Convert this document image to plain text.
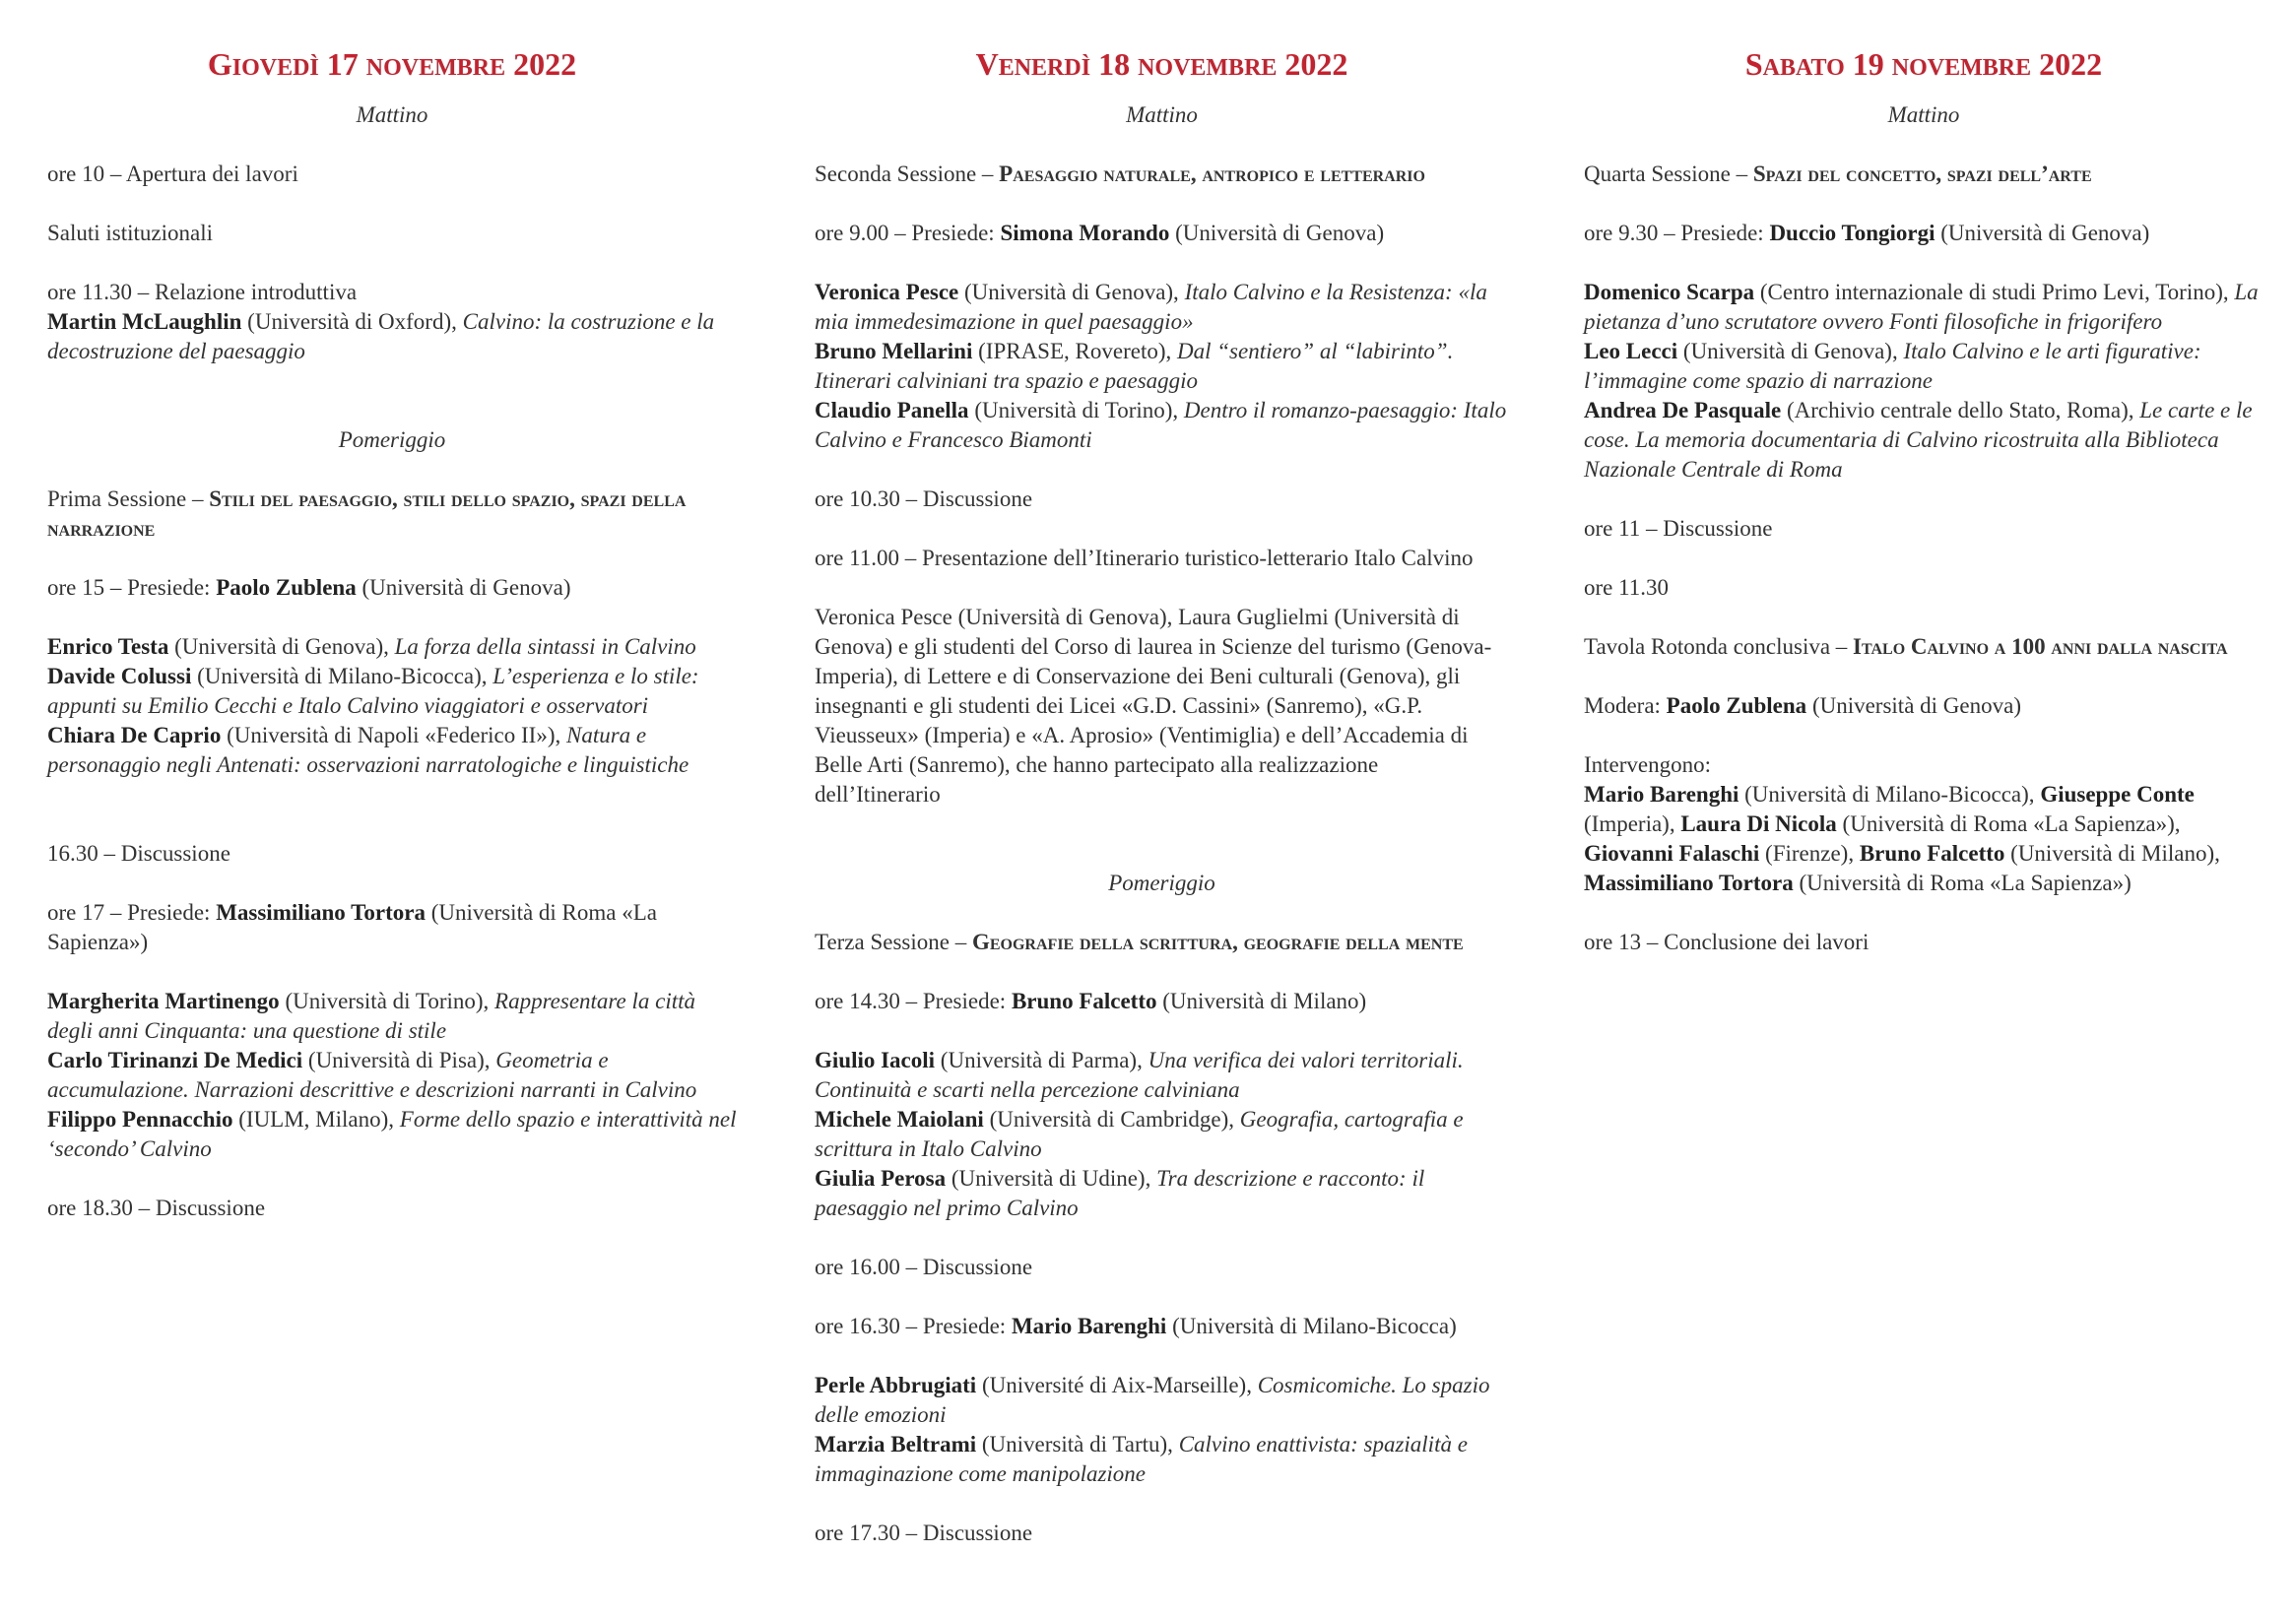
GIOVEDÌ 17 NOVEMBRE 2022
Mattino
ore 10 – Apertura dei lavori
Saluti istituzionali
ore 11.30 – Relazione introduttiva
Martin McLaughlin (Università di Oxford), Calvino: la costruzione e la decostruzione del paesaggio
Pomeriggio
Prima Sessione – Stili del paesaggio, stili dello spazio, spazi della narrazione
ore 15 – Presiede: Paolo Zublena (Università di Genova)
Enrico Testa (Università di Genova), La forza della sintassi in Calvino
Davide Colussi (Università di Milano-Bicocca), L’esperienza e lo stile: appunti su Emilio Cecchi e Italo Calvino viaggiatori e osservatori
Chiara De Caprio (Università di Napoli «Federico II»), Natura e personaggio negli Antenati: osservazioni narratologiche e linguistiche
16.30 – Discussione
ore 17 – Presiede: Massimiliano Tortora (Università di Roma «La Sapienza»)
Margherita Martinengo (Università di Torino), Rappresentare la città degli anni Cinquanta: una questione di stile
Carlo Tirinanzi De Medici (Università di Pisa), Geometria e accumulazione. Narrazioni descrittive e descrizioni narranti in Calvino
Filippo Pennacchio (IULM, Milano), Forme dello spazio e interattività nel ‘secondo’ Calvino
ore 18.30 – Discussione
VENERDÌ 18 NOVEMBRE 2022
Mattino
Seconda Sessione – Paesaggio naturale, antropico e letterario
ore 9.00 – Presiede: Simona Morando (Università di Genova)
Veronica Pesce (Università di Genova), Italo Calvino e la Resistenza: «la mia immedesimazione in quel paesaggio»
Bruno Mellarini (IPRASE, Rovereto), Dal “sentiero” al “labirinto”. Itinerari calviniani tra spazio e paesaggio
Claudio Panella (Università di Torino), Dentro il romanzo-paesaggio: Italo Calvino e Francesco Biamonti
ore 10.30 – Discussione
ore 11.00 – Presentazione dell’Itinerario turistico-letterario Italo Calvino
Veronica Pesce (Università di Genova), Laura Guglielmi (Università di Genova) e gli studenti del Corso di laurea in Scienze del turismo (Genova-Imperia), di Lettere e di Conservazione dei Beni culturali (Genova), gli insegnanti e gli studenti dei Licei «G.D. Cassini» (Sanremo), «G.P. Vieusseux» (Imperia) e «A. Aprosio» (Ventimiglia) e dell’Accademia di Belle Arti (Sanremo), che hanno partecipato alla realizzazione dell’Itinerario
Pomeriggio
Terza Sessione – Geografie della scrittura, geografie della mente
ore 14.30 – Presiede: Bruno Falcetto (Università di Milano)
Giulio Iacoli (Università di Parma), Una verifica dei valori territoriali. Continuità e scarti nella percezione calviniana
Michele Maiolani (Università di Cambridge), Geografia, cartografia e scrittura in Italo Calvino
Giulia Perosa (Università di Udine), Tra descrizione e racconto: il paesaggio nel primo Calvino
ore 16.00 – Discussione
ore 16.30 – Presiede: Mario Barenghi (Università di Milano-Bicocca)
Perle Abbrugiati (Université di Aix-Marseille), Cosmicomiche. Lo spazio delle emozioni
Marzia Beltrami (Università di Tartu), Calvino enattivista: spazialità e immaginazione come manipolazione
ore 17.30 – Discussione
SABATO 19 NOVEMBRE 2022
Mattino
Quarta Sessione – Spazi del concetto, spazi dell’arte
ore 9.30 – Presiede: Duccio Tongiorgi (Università di Genova)
Domenico Scarpa (Centro internazionale di studi Primo Levi, Torino), La pietanza d’uno scrutatore ovvero Fonti filosofiche in frigorifero
Leo Lecci (Università di Genova), Italo Calvino e le arti figurative: l’immagine come spazio di narrazione
Andrea De Pasquale (Archivio centrale dello Stato, Roma), Le carte e le cose. La memoria documentaria di Calvino ricostruita alla Biblioteca Nazionale Centrale di Roma
ore 11 – Discussione
ore 11.30
Tavola Rotonda conclusiva – Italo Calvino a 100 anni dalla nascita
Modera: Paolo Zublena (Università di Genova)
Intervengono:
Mario Barenghi (Università di Milano-Bicocca), Giuseppe Conte (Imperia), Laura Di Nicola (Università di Roma «La Sapienza»), Giovanni Falaschi (Firenze), Bruno Falcetto (Università di Milano), Massimiliano Tortora (Università di Roma «La Sapienza»)
ore 13 – Conclusione dei lavori
